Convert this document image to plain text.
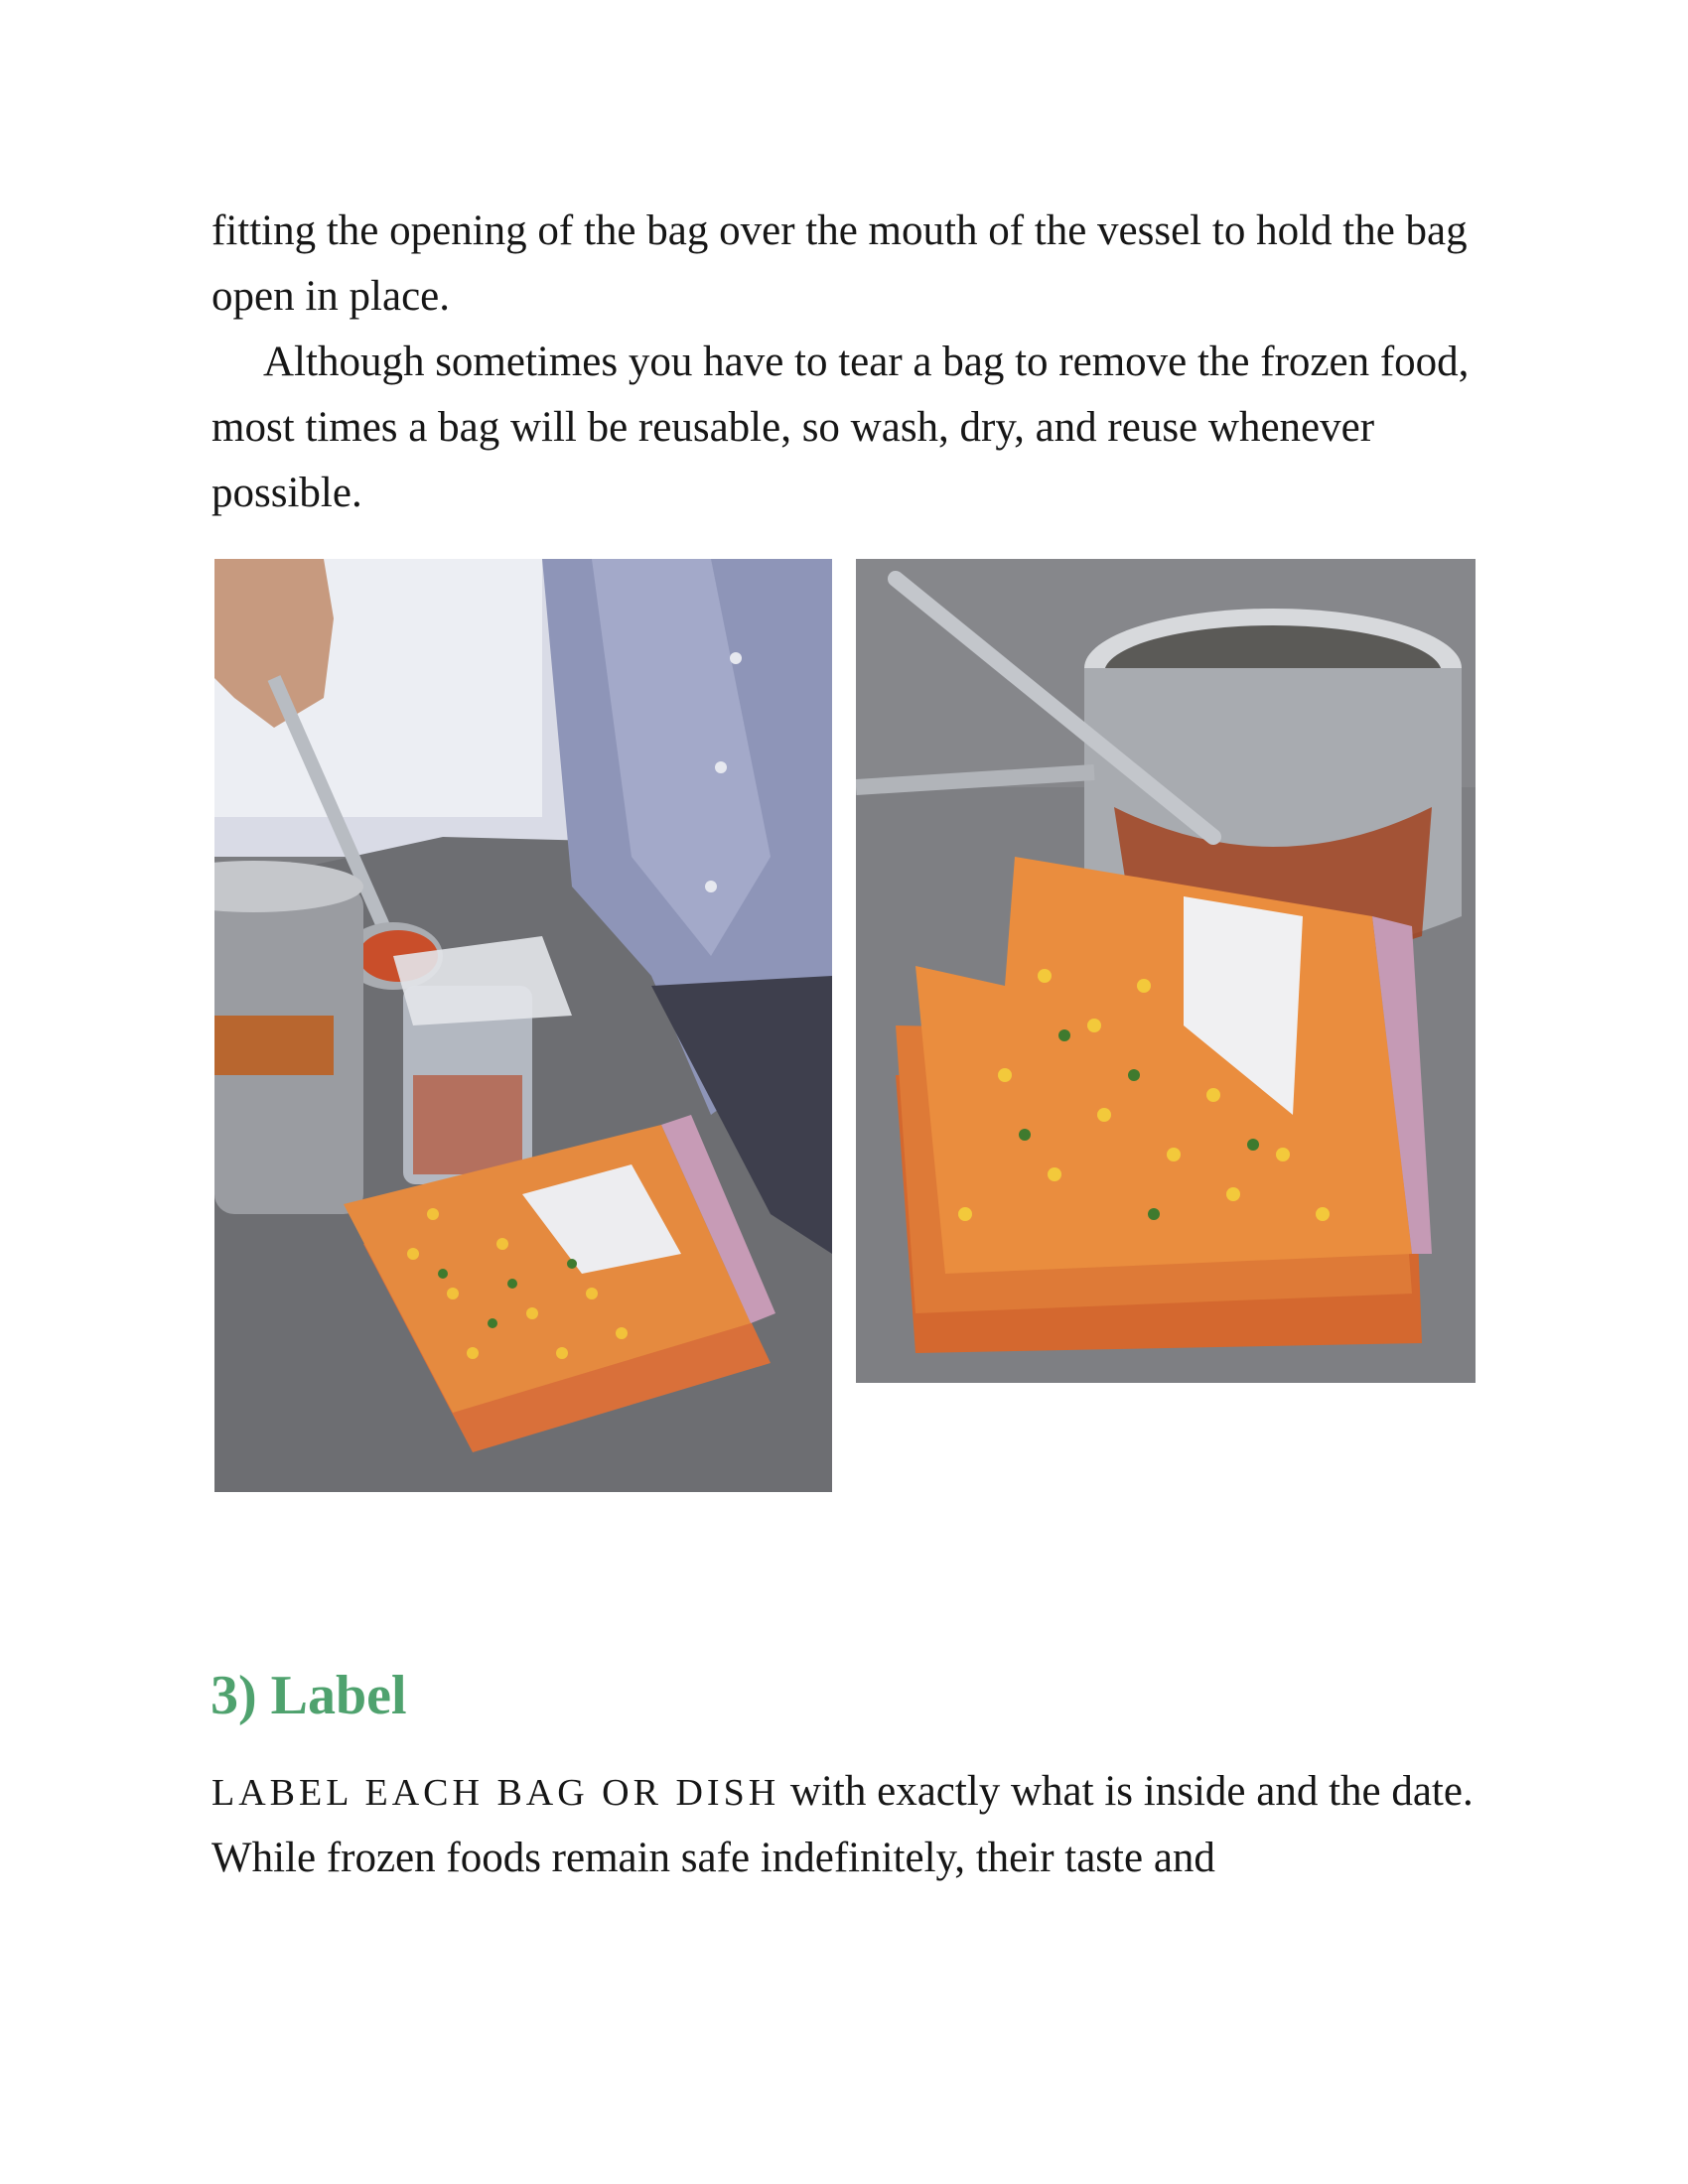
fitting the opening of the bag over the mouth of the vessel to hold the bag open in place.

Although sometimes you have to tear a bag to remove the frozen food, most times a bag will be reusable, so wash, dry, and reuse whenever possible.

3) Label

LABEL EACH BAG OR DISH with exactly what is inside and the date. While frozen foods remain safe indefinitely, their taste and
